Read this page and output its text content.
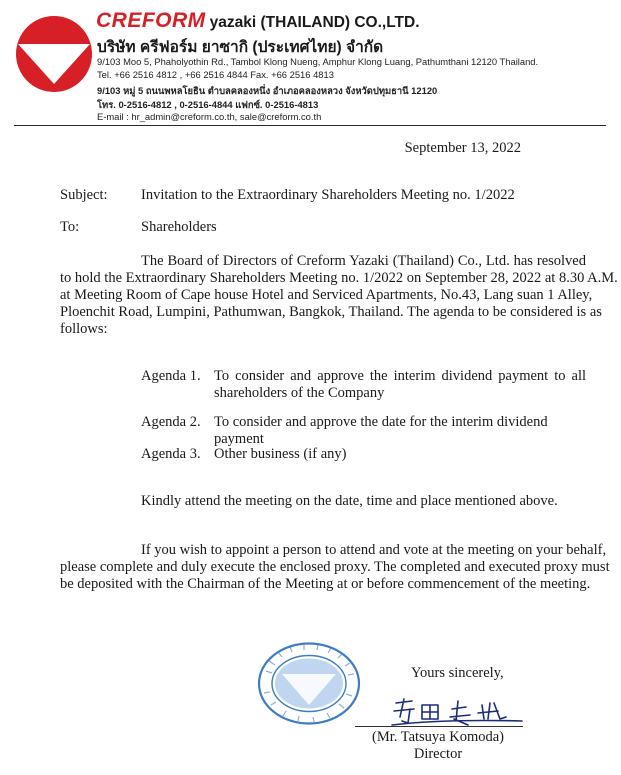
CREFORM yazaki (THAILAND) CO.,LTD.
บริษัท ครีฟอร์ม ยาซากิ (ประเทศไทย) จำกัด
9/103 Moo 5, Phaholyothin Rd., Tambol Klong Nueng, Amphur Klong Luang, Pathumthani 12120 Thailand.
Tel. +66 2516 4812 , +66 2516 4844 Fax. +66 2516 4813
9/103 หมู่ 5 ถนนพหลโยธิน ตำบลคลองหนึ่ง อำเภอคลองหลวง จังหวัดปทุมธานี 12120
โทร. 0-2516-4812 , 0-2516-4844 แฟกซ์. 0-2516-4813
E-mail : hr_admin@creform.co.th, sale@creform.co.th
September 13, 2022
Subject: Invitation to the Extraordinary Shareholders Meeting no. 1/2022
To:	Shareholders
The Board of Directors of Creform Yazaki (Thailand) Co., Ltd. has resolved
to hold the Extraordinary Shareholders Meeting no. 1/2022 on September 28, 2022 at 8.30 A.M.
at Meeting Room of Cape house Hotel and Serviced Apartments, No.43, Lang suan 1 Alley,
Ploenchit Road, Lumpini, Pathumwan, Bangkok, Thailand. The agenda to be considered is as
follows:
Agenda 1. To consider and approve the interim dividend payment to all shareholders of the Company
Agenda 2. To consider and approve the date for the interim dividend payment
Agenda 3. Other business (if any)
Kindly attend the meeting on the date, time and place mentioned above.
If you wish to appoint a person to attend and vote at the meeting on your behalf,
please complete and duly execute the enclosed proxy. The completed and executed proxy must
be deposited with the Chairman of the Meeting at or before commencement of the meeting.
Yours sincerely,
(Mr. Tatsuya Komoda)
Director
